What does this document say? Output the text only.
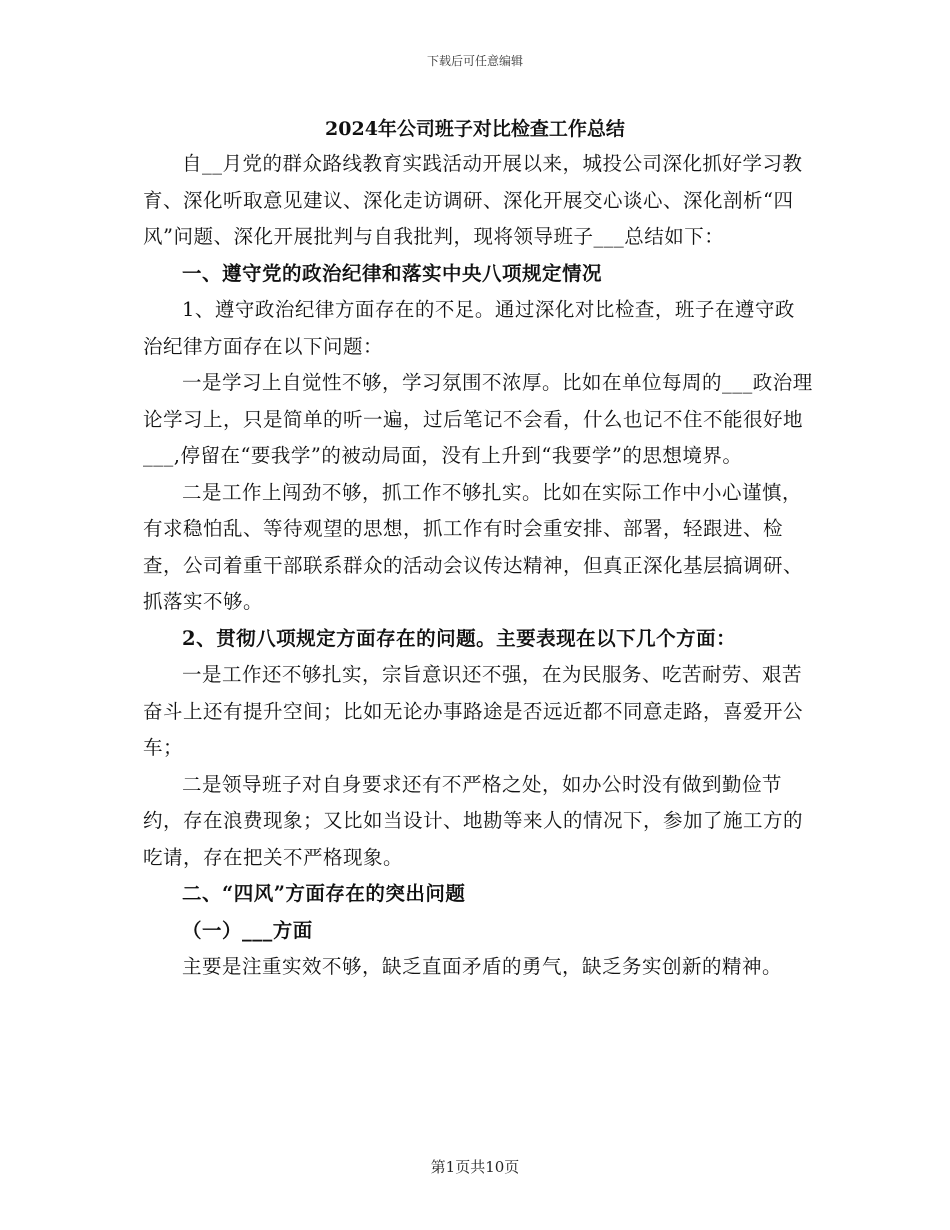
下载后可任意编辑
2024年公司班子对比检查工作总结

自__月党的群众路线教育实践活动开展以来，城投公司深化抓好学习教育、深化听取意见建议、深化走访调研、深化开展交心谈心、深化剖析“四风”问题、深化开展批判与自我批判，现将领导班子___总结如下：

一、遵守党的政治纪律和落实中央八项规定情况

1、遵守政治纪律方面存在的不足。通过深化对比检查，班子在遵守政治纪律方面存在以下问题：

一是学习上自觉性不够，学习氛围不浓厚。比如在单位每周的___政治理论学习上，只是简单的听一遍，过后笔记不会看，什么也记不住不能很好地___,停留在“要我学”的被动局面，没有上升到“我要学”的思想境界。

二是工作上闯劲不够，抓工作不够扎实。比如在实际工作中小心谨慎，有求稳怕乱、等待观望的思想，抓工作有时会重安排、部署，轻跟进、检查，公司着重干部联系群众的活动会议传达精神，但真正深化基层搞调研、抓落实不够。

2、贯彻八项规定方面存在的问题。主要表现在以下几个方面：

一是工作还不够扎实，宗旨意识还不强，在为民服务、吃苦耐劳、艰苦奋斗上还有提升空间；比如无论办事路途是否远近都不同意走路，喜爱开公车；

二是领导班子对自身要求还有不严格之处，如办公时没有做到勤俭节约，存在浪费现象；又比如当设计、地勘等来人的情况下，参加了施工方的吃请，存在把关不严格现象。

二、“四风”方面存在的突出问题

（一）___方面

主要是注重实效不够，缺乏直面矛盾的勇气，缺乏务实创新的精神。

第1页共10页
